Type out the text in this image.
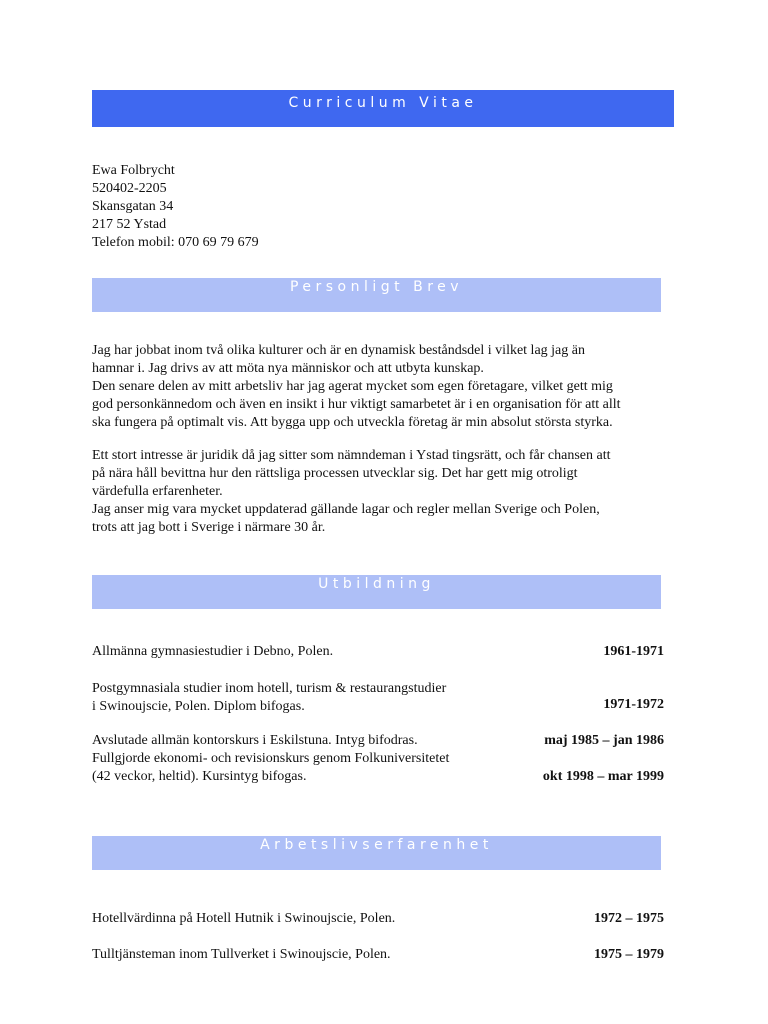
Curriculum Vitae
Ewa Folbrycht
520402-2205
Skansgatan 34
217 52 Ystad
Telefon mobil: 070 69 79 679
Personligt Brev

Jag har jobbat inom två olika kulturer och är en dynamisk beståndsdel i vilket lag jag än

hamnar i. Jag drivs av att möta nya människor och att utbyta kunskap.

Den senare delen av mitt arbetsliv har jag agerat mycket som egen företagare, vilket gett mig

god personkännedom och även en insikt i hur viktigt samarbetet är i en organisation för att allt

ska fungera på optimalt vis. Att bygga upp och utveckla företag är min absolut största styrka.

Ett stort intresse är juridik då jag sitter som nämndeman i Ystad tingsrätt, och får chansen att

på nära håll bevittna hur den rättsliga processen utvecklar sig. Det har gett mig otroligt

värdefulla erfarenheter.

Jag anser mig vara mycket uppdaterad gällande lagar och regler mellan Sverige och Polen,

trots att jag bott i Sverige i närmare 30 år.

Utbildning
Allmänna gymnasiestudier i Debno, Polen.	1961-1971
Postgymnasiala studier inom hotell, turism & restaurangstudier
i Swinoujscie, Polen. Diplom bifogas.	1971-1972
Avslutade allmän kontorskurs i Eskilstuna. Intyg bifodras.	maj 1985 – jan 1986
Fullgjorde ekonomi- och revisionskurs genom Folkuniversitetet
(42 veckor, heltid). Kursintyg bifogas.	okt 1998 – mar 1999
Arbetslivserfarenhet
Hotellvärdinna på Hotell Hutnik i Swinoujscie, Polen.	1972 – 1975
Tulltjänsteman inom Tullverket i Swinoujscie, Polen.	1975 – 1979
